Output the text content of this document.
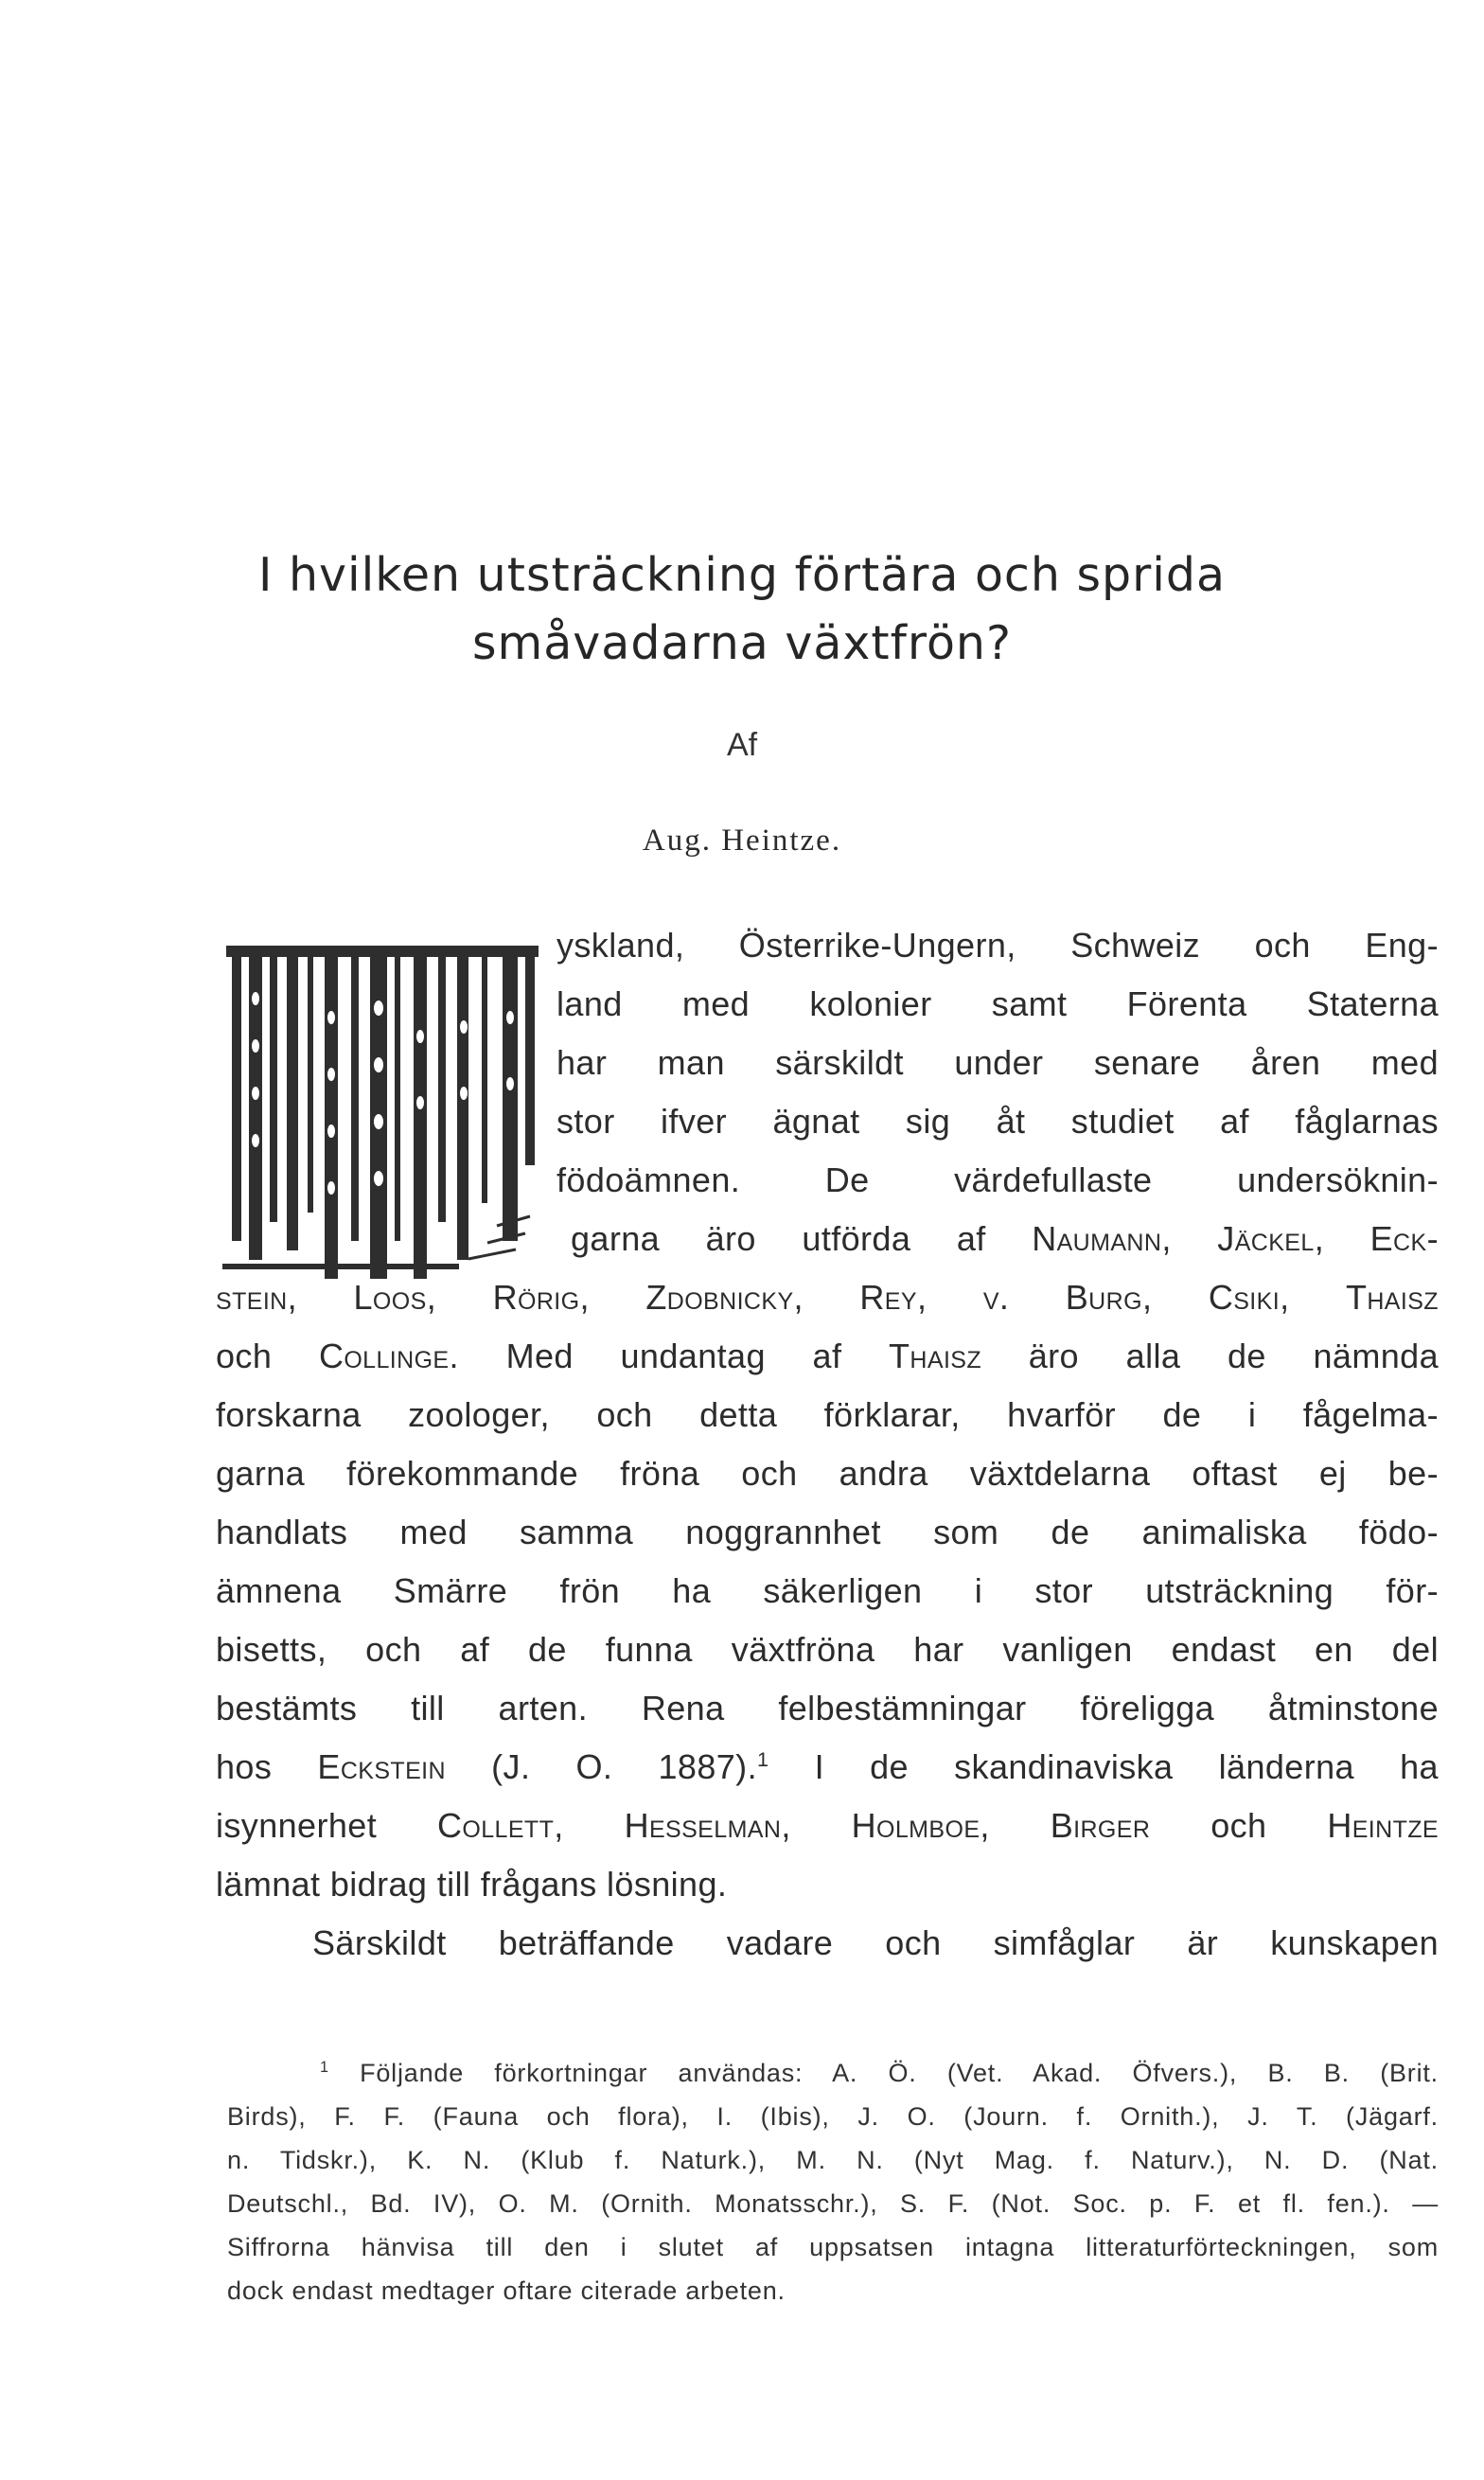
I hvilken utsträckning förtära och sprida
småvadarna växtfrön?
Af
Aug. Heintze.
yskland, Österrike-Ungern, Schweiz och Eng-
land med kolonier samt Förenta Staterna
har man särskildt under senare åren med
stor ifver ägnat sig åt studiet af fåglarnas
födoämnen. De värdefullaste undersöknin-
garna äro utförda af Naumann, Jäckel, Eck-
stein, Loos, Rörig, Zdobnicky, Rey, v. Burg, Csiki, Thaisz
och Collinge. Med undantag af Thaisz äro alla de nämnda
forskarna zoologer, och detta förklarar, hvarför de i fågelma-
garna förekommande fröna och andra växtdelarna oftast ej be-
handlats med samma noggrannhet som de animaliska födo-
ämnena Smärre frön ha säkerligen i stor utsträckning för-
bisetts, och af de funna växtfröna har vanligen endast en del
bestämts till arten. Rena felbestämningar föreligga åtminstone
hos Eckstein (J. O. 1887).$^1$ I de skandinaviska länderna ha
isynnerhet Collett, Hesselman, Holmboe, Birger och Heintze
lämnat bidrag till frågans lösning.
Särskildt beträffande vadare och simfåglar är kunskapen
$^1$ Följande förkortningar användas: A. Ö. (Vet. Akad. Öfvers.), B. B. (Brit.
Birds), F. F. (Fauna och flora), I. (Ibis), J. O. (Journ. f. Ornith.), J. T. (Jägarf.
n. Tidskr.), K. N. (Klub f. Naturk.), M. N. (Nyt Mag. f. Naturv.), N. D. (Nat.
Deutschl., Bd. IV), O. M. (Ornith. Monatsschr.), S. F. (Not. Soc. p. F. et fl. fen.). —
Siffrorna hänvisa till den i slutet af uppsatsen intagna litteraturförteckningen, som
dock endast medtager oftare citerade arbeten.
